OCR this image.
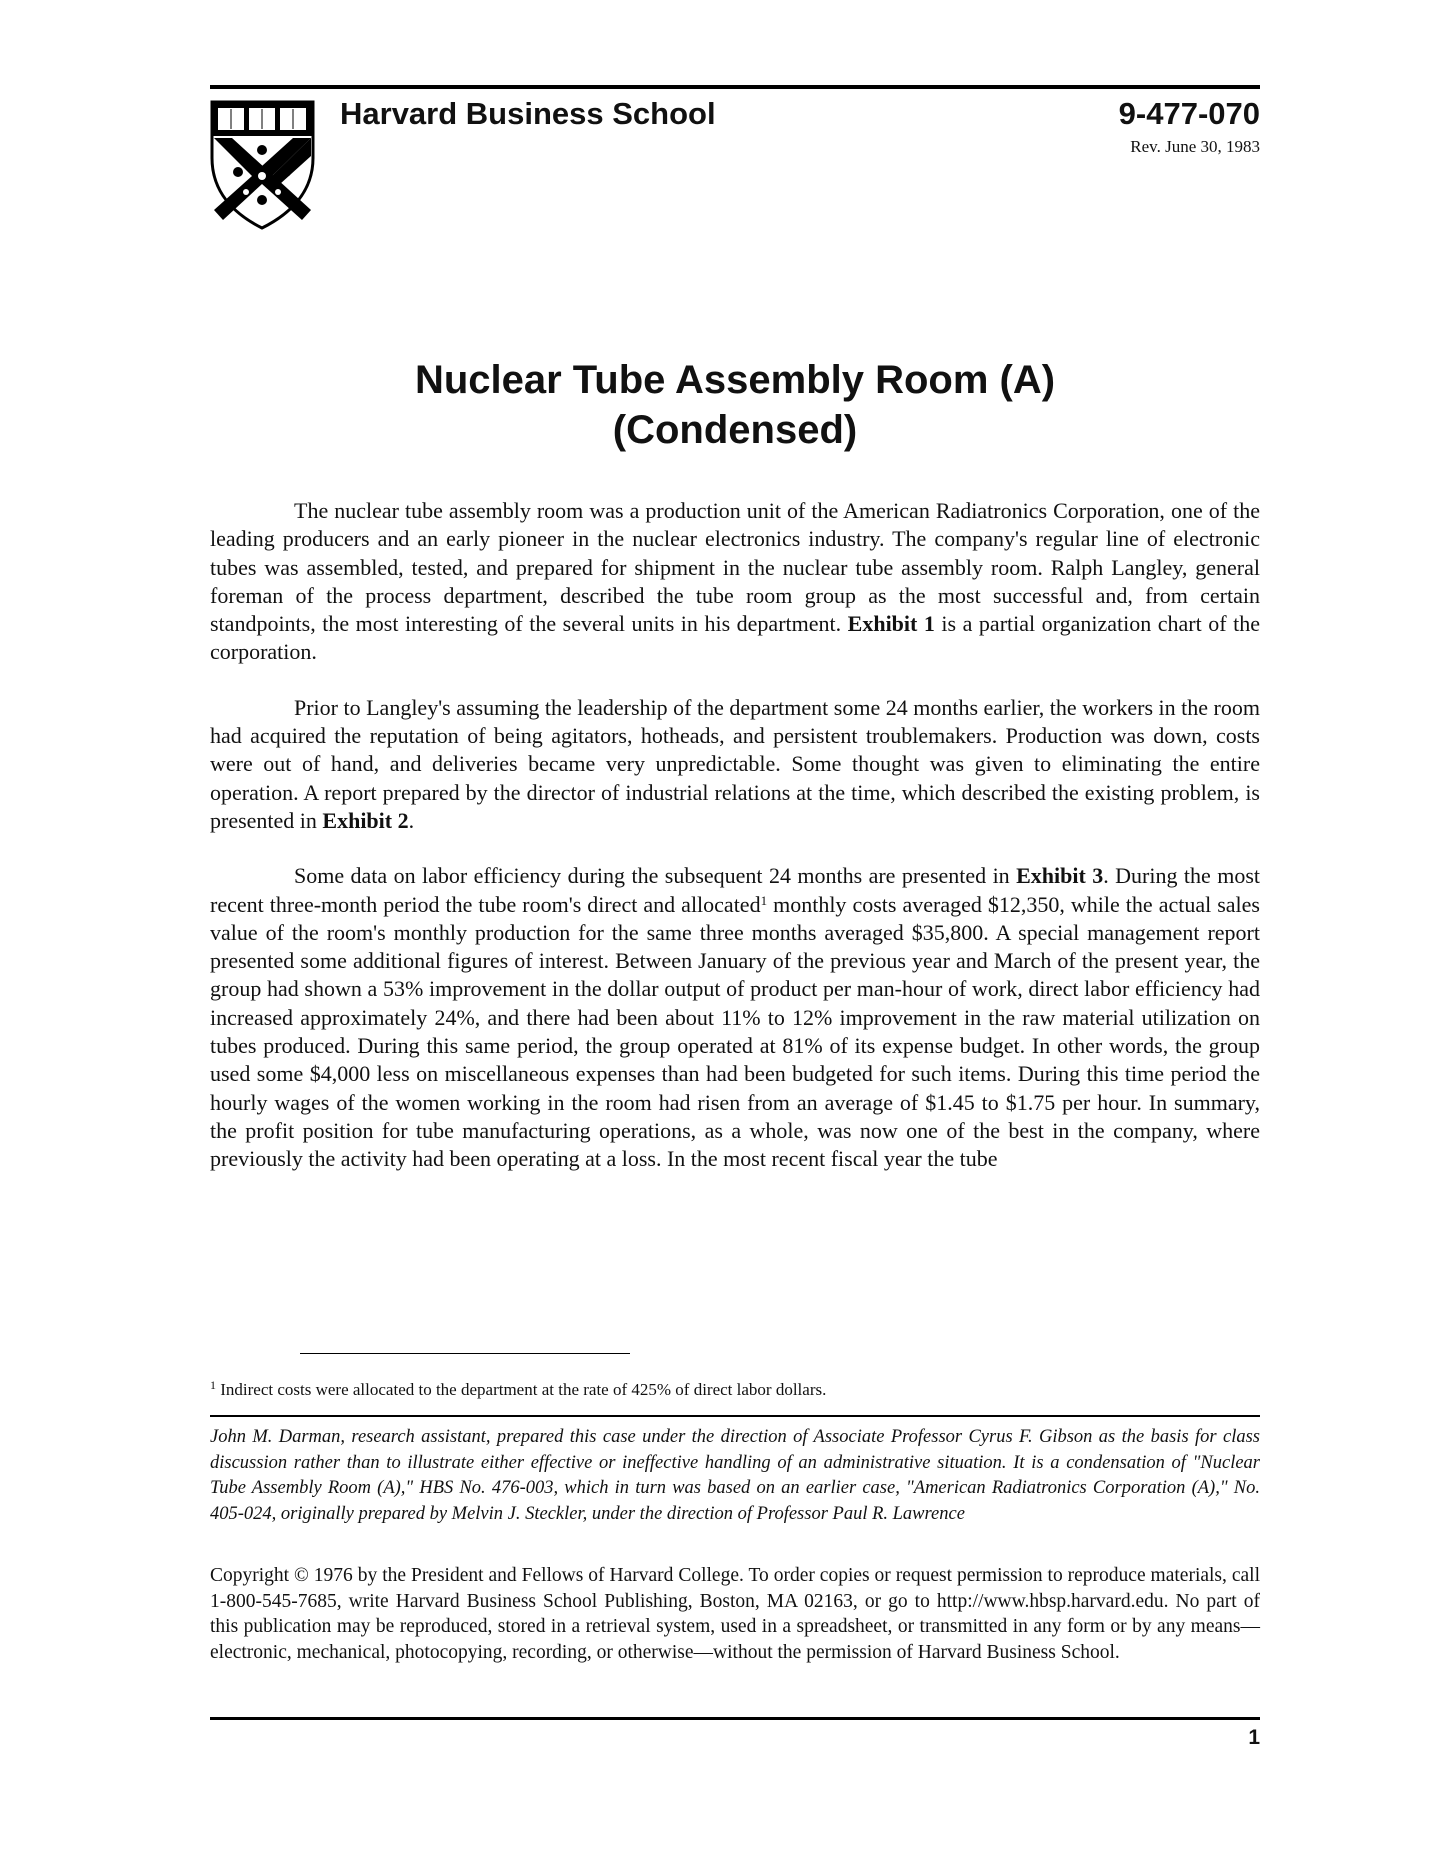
Harvard Business School	9-477-070
Rev. June 30, 1983
Nuclear Tube Assembly Room (A)
(Condensed)

The nuclear tube assembly room was a production unit of the American Radiatronics Corporation, one of the leading producers and an early pioneer in the nuclear electronics industry. The company's regular line of electronic tubes was assembled, tested, and prepared for shipment in the nuclear tube assembly room. Ralph Langley, general foreman of the process department, described the tube room group as the most successful and, from certain standpoints, the most interesting of the several units in his department. Exhibit 1 is a partial organization chart of the corporation.

Prior to Langley's assuming the leadership of the department some 24 months earlier, the workers in the room had acquired the reputation of being agitators, hotheads, and persistent troublemakers. Production was down, costs were out of hand, and deliveries became very unpredictable. Some thought was given to eliminating the entire operation. A report prepared by the director of industrial relations at the time, which described the existing problem, is presented in Exhibit 2.

Some data on labor efficiency during the subsequent 24 months are presented in Exhibit 3. During the most recent three-month period the tube room's direct and allocated$^1$ monthly costs averaged $12,350, while the actual sales value of the room's monthly production for the same three months averaged $35,800. A special management report presented some additional figures of interest. Between January of the previous year and March of the present year, the group had shown a 53% improvement in the dollar output of product per man-hour of work, direct labor efficiency had increased approximately 24%, and there had been about 11% to 12% improvement in the raw material utilization on tubes produced. During this same period, the group operated at 81% of its expense budget. In other words, the group used some $4,000 less on miscellaneous expenses than had been budgeted for such items. During this time period the hourly wages of the women working in the room had risen from an average of $1.45 to $1.75 per hour. In summary, the profit position for tube manufacturing operations, as a whole, was now one of the best in the company, where previously the activity had been operating at a loss. In the most recent fiscal year the tube

$^1$ Indirect costs were allocated to the department at the rate of 425% of direct labor dollars.
John M. Darman, research assistant, prepared this case under the direction of Associate Professor Cyrus F. Gibson as the basis for class discussion rather than to illustrate either effective or ineffective handling of an administrative situation. It is a condensation of "Nuclear Tube Assembly Room (A)," HBS No. 476-003, which in turn was based on an earlier case, "American Radiatronics Corporation (A)," No. 405-024, originally prepared by Melvin J. Steckler, under the direction of Professor Paul R. Lawrence
Copyright © 1976 by the President and Fellows of Harvard College. To order copies or request permission to reproduce materials, call 1-800-545-7685, write Harvard Business School Publishing, Boston, MA 02163, or go to http://www.hbsp.harvard.edu. No part of this publication may be reproduced, stored in a retrieval system, used in a spreadsheet, or transmitted in any form or by any means—electronic, mechanical, photocopying, recording, or otherwise—without the permission of Harvard Business School.
1
